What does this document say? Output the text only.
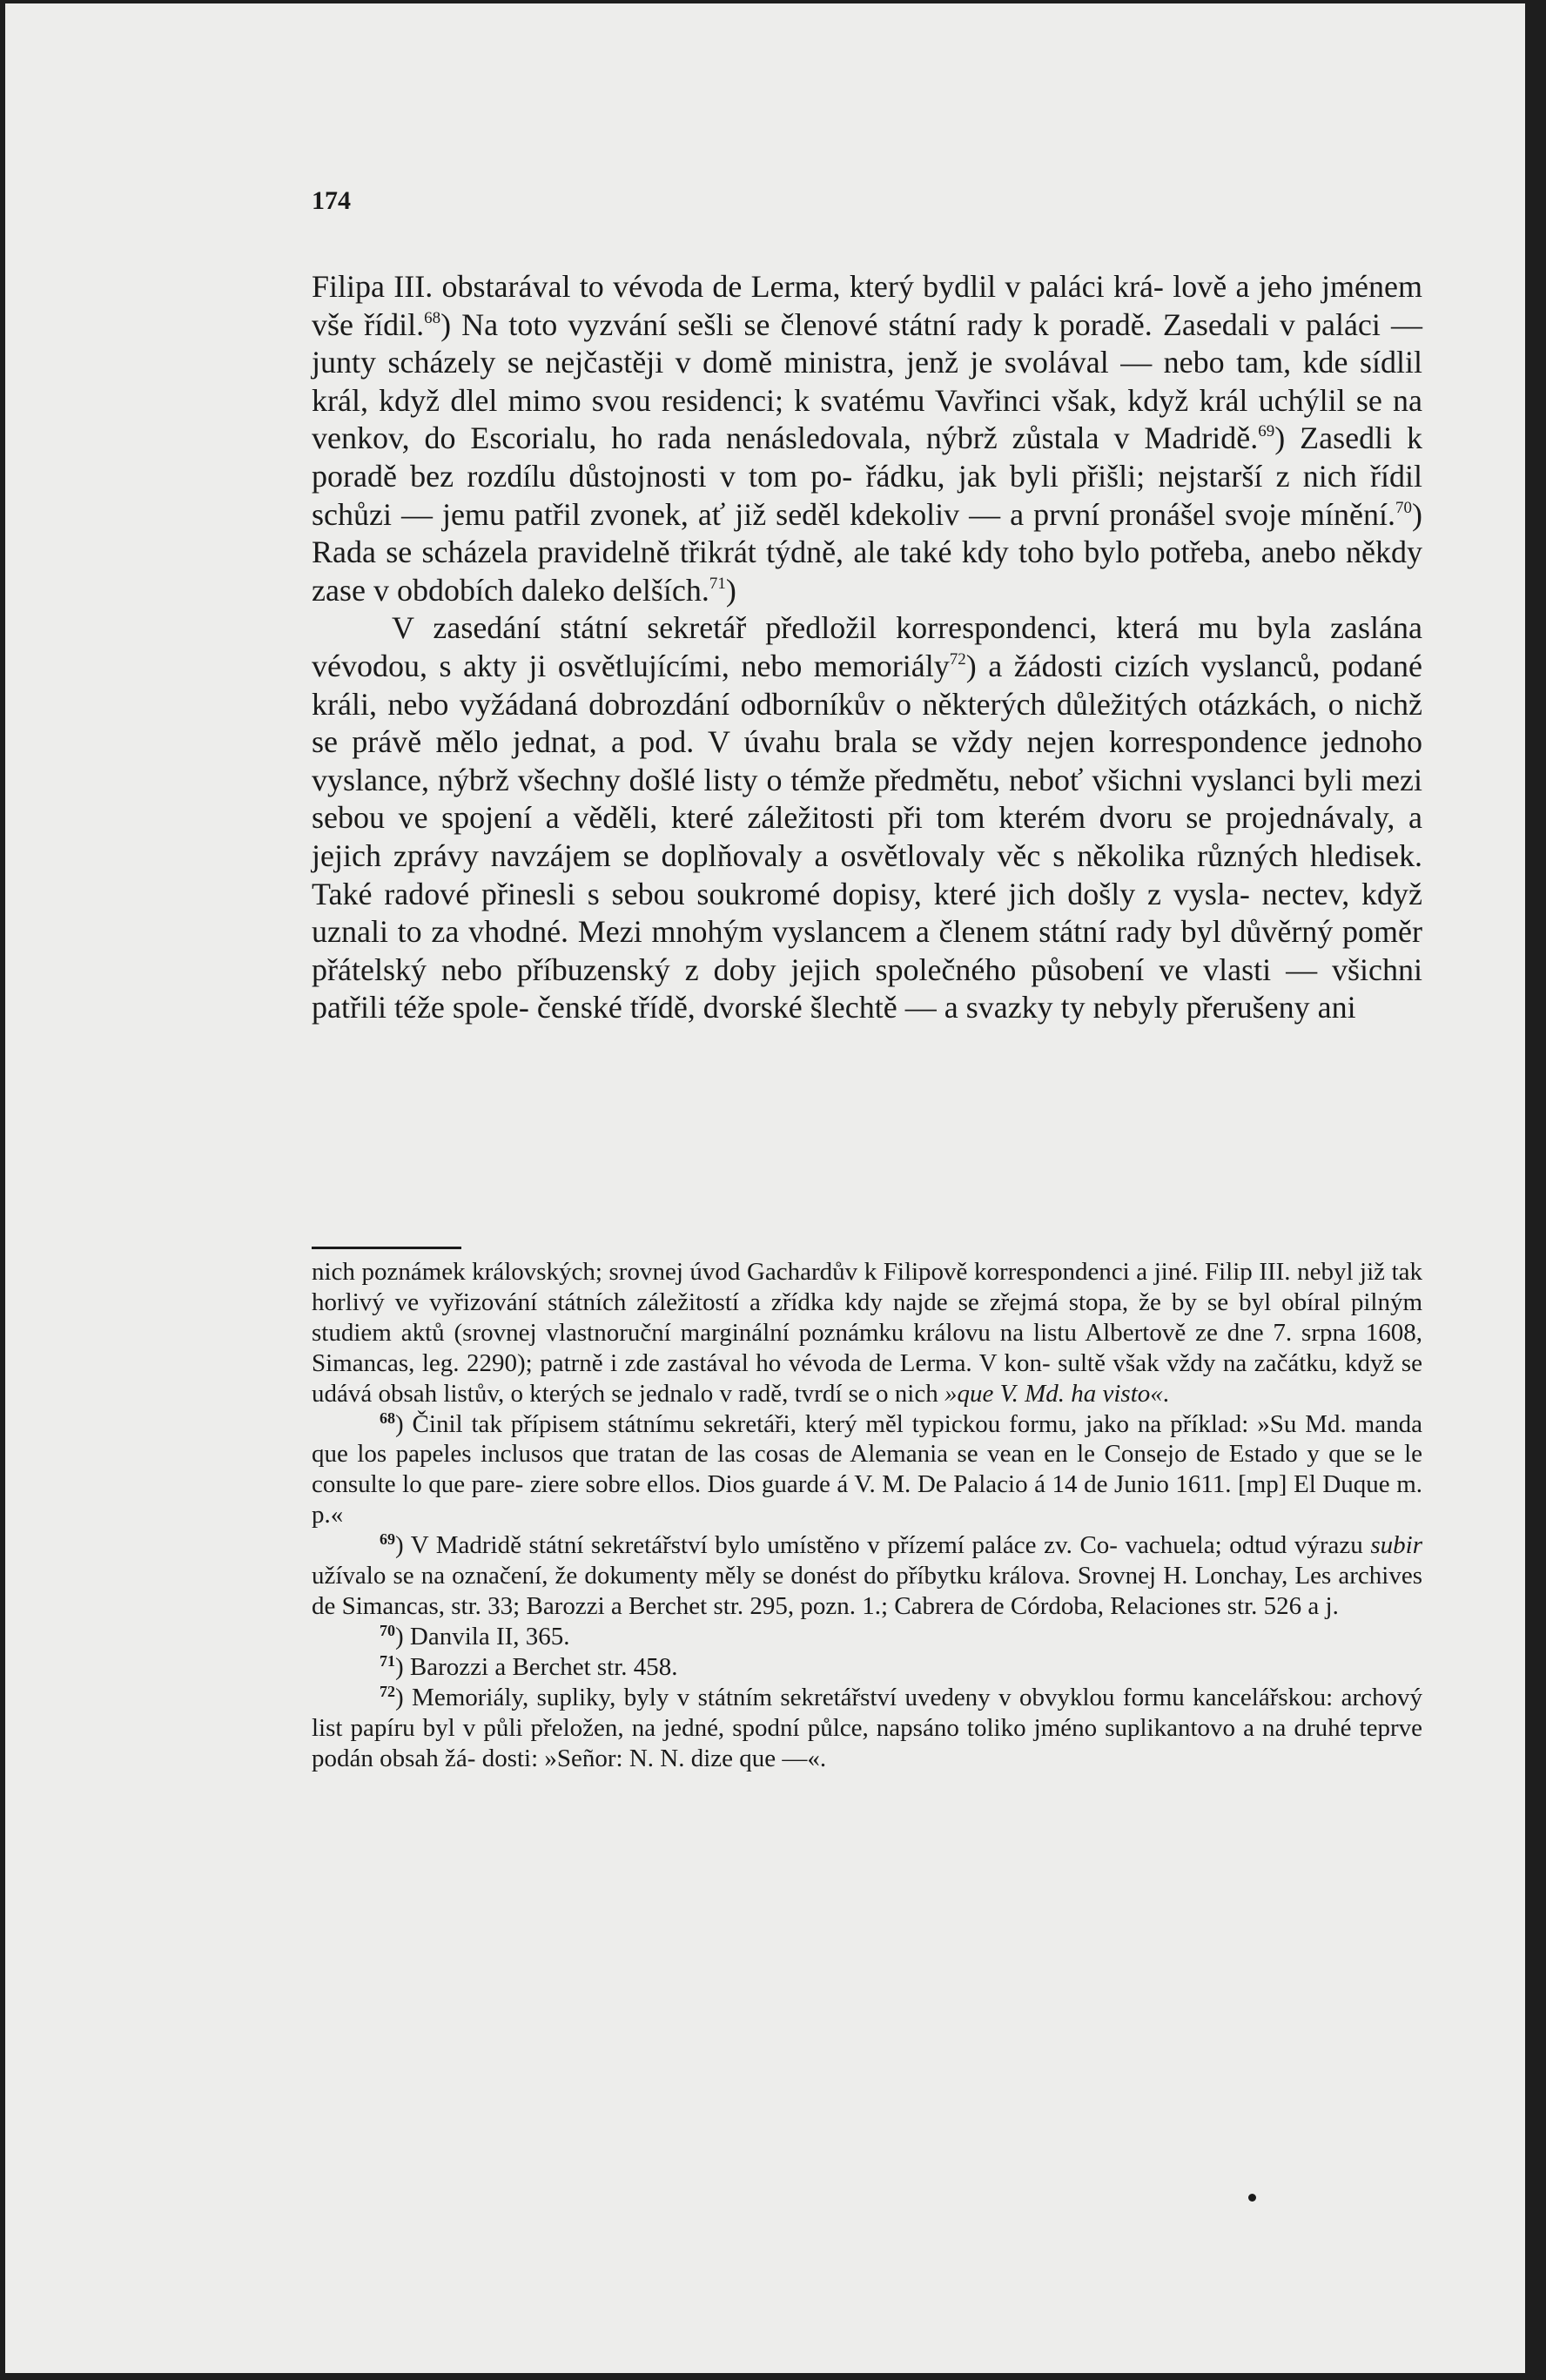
174

Filipa III. obstarával to vévoda de Lerma, který bydlil v paláci krá- lově a jeho jménem vše řídil.$^{68}$) Na toto vyzvání sešli se členové státní rady k poradě. Zasedali v paláci — junty scházely se nejčastěji v domě ministra, jenž je svolával — nebo tam, kde sídlil král, když dlel mimo svou residenci; k svatému Vavřinci však, když král uchýlil se na venkov, do Escorialu, ho rada nenásledovala, nýbrž zůstala v Madridě.$^{69}$) Zasedli k poradě bez rozdílu důstojnosti v tom po- řádku, jak byli přišli; nejstarší z nich řídil schůzi — jemu patřil zvonek, ať již seděl kdekoliv — a první pronášel svoje mínění.$^{70}$) Rada se scházela pravidelně třikrát týdně, ale také kdy toho bylo potřeba, anebo někdy zase v obdobích daleko delších.$^{71}$)

V zasedání státní sekretář předložil korrespondenci, která mu byla zaslána vévodou, s akty ji osvětlujícími, nebo memoriály$^{72}$) a žádosti cizích vyslanců, podané králi, nebo vyžádaná dobrozdání odborníkův o některých důležitých otázkách, o nichž se právě mělo jednat, a pod. V úvahu brala se vždy nejen korrespondence jednoho vyslance, nýbrž všechny došlé listy o témže předmětu, neboť všichni vyslanci byli mezi sebou ve spojení a věděli, které záležitosti při tom kterém dvoru se projednávaly, a jejich zprávy navzájem se doplňovaly a osvětlovaly věc s několika různých hledisek. Také radové přinesli s sebou soukromé dopisy, které jich došly z vysla- nectev, když uznali to za vhodné. Mezi mnohým vyslancem a členem státní rady byl důvěrný poměr přátelský nebo příbuzenský z doby jejich společného působení ve vlasti — všichni patřili téže spole- čenské třídě, dvorské šlechtě — a svazky ty nebyly přerušeny ani

nich poznámek královských; srovnej úvod Gachardův k Filipově korrespondenci a jiné. Filip III. nebyl již tak horlivý ve vyřizování státních záležitostí a zřídka kdy najde se zřejmá stopa, že by se byl obíral pilným studiem aktů (srovnej vlastnoruční marginální poznámku královu na listu Albertově ze dne 7. srpna 1608, Simancas, leg. 2290); patrně i zde zastával ho vévoda de Lerma. V kon- sultě však vždy na začátku, když se udává obsah listův, o kterých se jednalo v radě, tvrdí se o nich »que V. Md. ha visto«.

$^{68}$) Činil tak přípisem státnímu sekretáři, který měl typickou formu, jako na příklad: »Su Md. manda que los papeles inclusos que tratan de las cosas de Alemania se vean en le Consejo de Estado y que se le consulte lo que pare- ziere sobre ellos. Dios guarde á V. M. De Palacio á 14 de Junio 1611. [mp] El Duque m. p.«

$^{69}$) V Madridě státní sekretářství bylo umístěno v přízemí paláce zv. Co- vachuela; odtud výrazu subir užívalo se na označení, že dokumenty měly se donést do příbytku králova. Srovnej H. Lonchay, Les archives de Simancas, str. 33; Barozzi a Berchet str. 295, pozn. 1.; Cabrera de Córdoba, Relaciones str. 526 a j.

$^{70}$) Danvila II, 365.

$^{71}$) Barozzi a Berchet str. 458.

$^{72}$) Memoriály, supliky, byly v státním sekretářství uvedeny v obvyklou formu kancelářskou: archový list papíru byl v půli přeložen, na jedné, spodní půlce, napsáno toliko jméno suplikantovo a na druhé teprve podán obsah žá- dosti: »Señor: N. N. dize que —«.
